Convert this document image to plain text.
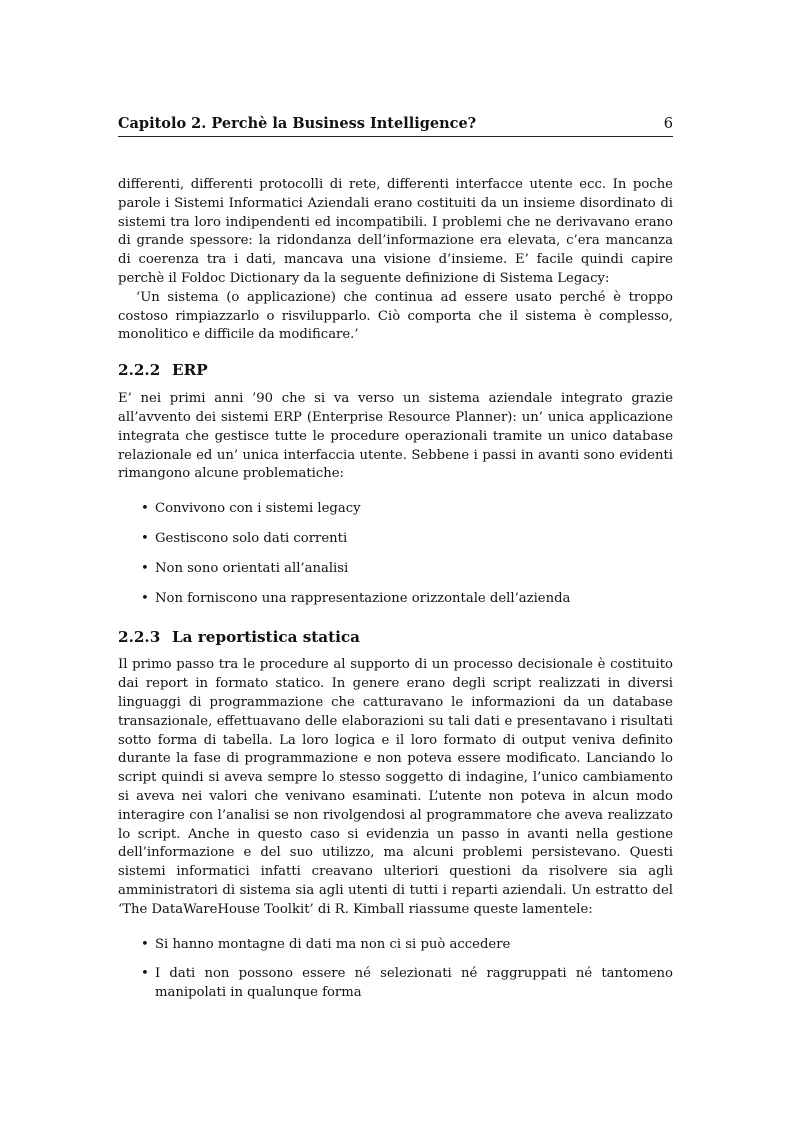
Capitolo 2. Perchè la Business Intelligence?	6

differenti, differenti protocolli di rete, differenti interfacce utente ecc. In poche parole i Sistemi Informatici Aziendali erano costituiti da un insieme disordinato di sistemi tra loro indipendenti ed incompatibili. I problemi che ne derivavano erano di grande spessore: la ridondanza dell’informazione era elevata, c’era mancanza di coerenza tra i dati, mancava una visione d’insieme. E’ facile quindi capire perchè il Foldoc Dictionary da la seguente definizione di Sistema Legacy:

‘Un sistema (o applicazione) che continua ad essere usato perché è troppo costoso rimpiazzarlo o risvilupparlo. Ciò comporta che il sistema è complesso, monolitico e difficile da modificare.’

2.2.2 ERP

E’ nei primi anni ’90 che si va verso un sistema aziendale integrato grazie all’avvento dei sistemi ERP (Enterprise Resource Planner): un’ unica applicazione integrata che gestisce tutte le procedure operazionali tramite un unico database relazionale ed un’ unica interfaccia utente. Sebbene i passi in avanti sono evidenti rimangono alcune problematiche:

• Convivono con i sistemi legacy
• Gestiscono solo dati correnti
• Non sono orientati all’analisi
• Non forniscono una rappresentazione orizzontale dell’azienda
2.2.3 La reportistica statica

Il primo passo tra le procedure al supporto di un processo decisionale è costituito dai report in formato statico. In genere erano degli script realizzati in diversi linguaggi di programmazione che catturavano le informazioni da un database transazionale, effettuavano delle elaborazioni su tali dati e presentavano i risultati sotto forma di tabella. La loro logica e il loro formato di output veniva definito durante la fase di programmazione e non poteva essere modificato. Lanciando lo script quindi si aveva sempre lo stesso soggetto di indagine, l’unico cambiamento si aveva nei valori che venivano esaminati. L’utente non poteva in alcun modo interagire con l’analisi se non rivolgendosi al programmatore che aveva realizzato lo script. Anche in questo caso si evidenzia un passo in avanti nella gestione dell’informazione e del suo utilizzo, ma alcuni problemi persistevano. Questi sistemi informatici infatti creavano ulteriori questioni da risolvere sia agli amministratori di sistema sia agli utenti di tutti i reparti aziendali. Un estratto del ‘The DataWareHouse Toolkit’ di R. Kimball riassume queste lamentele:

• Si hanno montagne di dati ma non ci si può accedere
• I dati non possono essere né selezionati né raggruppati né tantomeno manipolati in qualunque forma
